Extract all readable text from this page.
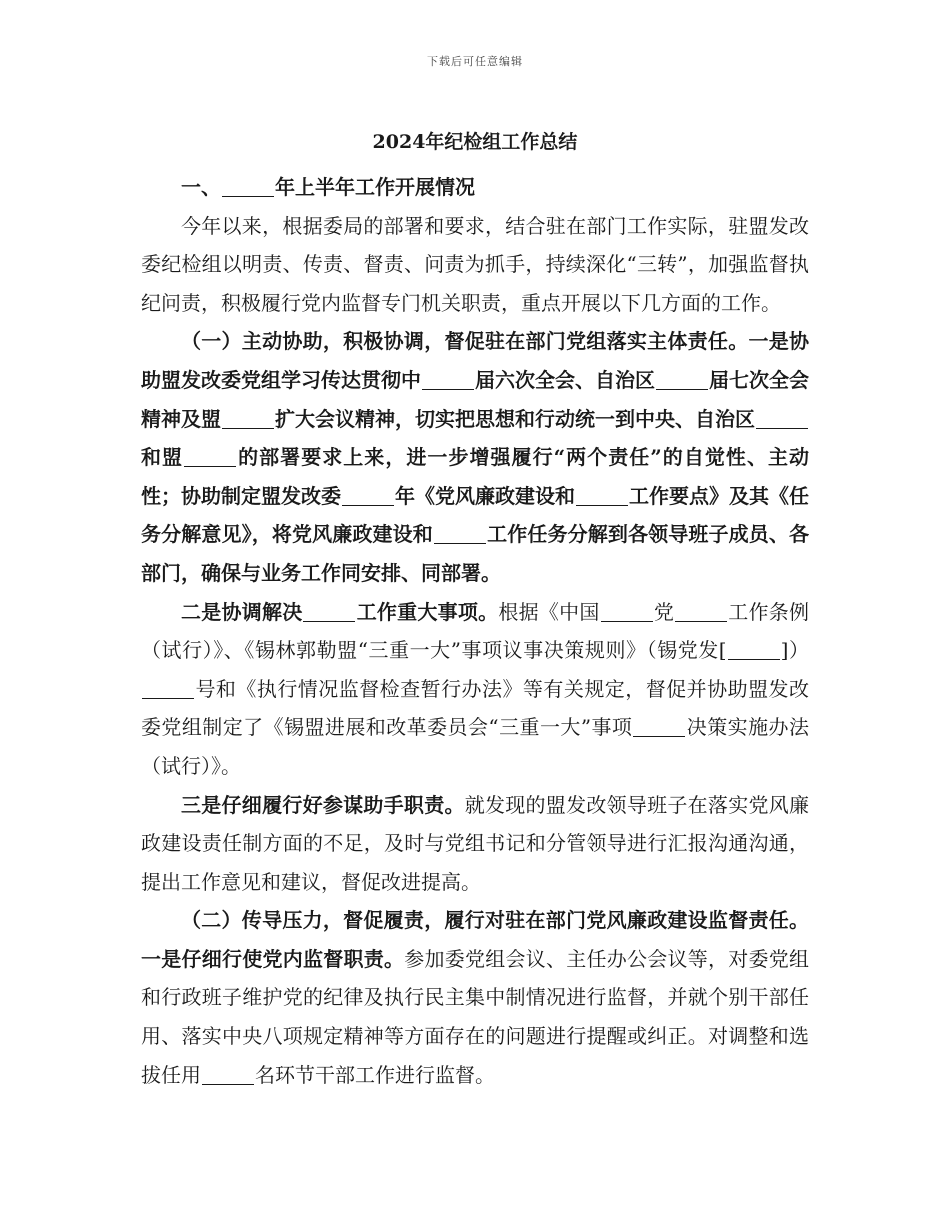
下载后可任意编辑
2024年纪检组工作总结

一、	年上半年工作开展情况

今年以来，根据委局的部署和要求，结合驻在部门工作实际，驻盟发改委纪检组以明责、传责、督责、问责为抓手，持续深化“三转”，加强监督执纪问责，积极履行党内监督专门机关职责，重点开展以下几方面的工作。

（一）主动协助，积极协调，督促驻在部门党组落实主体责任。一是协助盟发改委党组学习传达贯彻中	届六次全会、自治区	届七次全会精神及盟	扩大会议精神，切实把思想和行动统一到中央、自治区和盟	的部署要求上来，进一步增强履行“两个责任”的自觉性、主动性；协助制定盟发改委	年《党风廉政建设和	工作要点》及其《任务分解意见》，将党风廉政建设和	工作任务分解到各领导班子成员、各部门，确保与业务工作同安排、同部署。

二是协调解决	工作重大事项。根据《中国	党	工作条例（试行）》、《锡林郭勒盟“三重一大”事项议事决策规则》（锡党发[	]）号和《执行情况监督检查暂行办法》等有关规定，督促并协助盟发改委党组制定了《锡盟进展和改革委员会“三重一大”事项	决策实施办法（试行）》。

三是仔细履行好参谋助手职责。就发现的盟发改领导班子在落实党风廉政建设责任制方面的不足，及时与党组书记和分管领导进行汇报沟通沟通，提出工作意见和建议，督促改进提高。

（二）传导压力，督促履责，履行对驻在部门党风廉政建设监督责任。一是仔细行使党内监督职责。参加委党组会议、主任办公会议等，对委党组和行政班子维护党的纪律及执行民主集中制情况进行监督，并就个别干部任用、落实中央八项规定精神等方面存在的问题进行提醒或纠正。对调整和选拔任用	名环节干部工作进行监督。
